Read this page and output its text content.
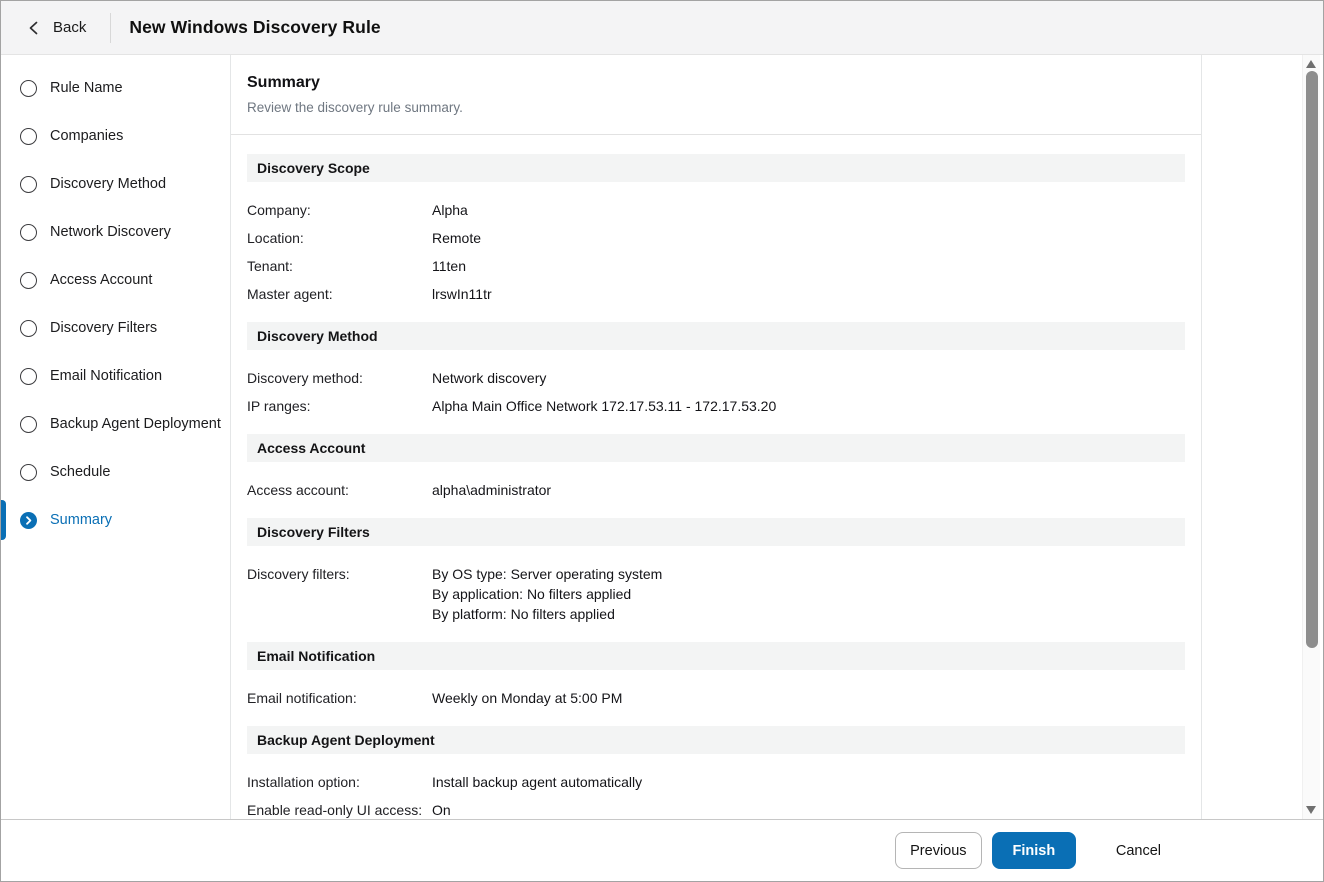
Back New Windows Discovery Rule
Rule Name
Companies
Discovery Method
Network Discovery
Access Account
Discovery Filters
Email Notification
Backup Agent Deployment
Schedule
Summary
Summary
Review the discovery rule summary.
Discovery Scope
Company:	Alpha
Location:	Remote
Tenant:	11ten
Master agent:	lrswIn11tr
Discovery Method
Discovery method:	Network discovery
IP ranges:	Alpha Main Office Network 172.17.53.11 - 172.17.53.20
Access Account
Access account:	alpha\administrator
Discovery Filters
Discovery filters:	By OS type: Server operating system
By application: No filters applied
By platform: No filters applied
Email Notification
Email notification:	Weekly on Monday at 5:00 PM
Backup Agent Deployment
Installation option:	Install backup agent automatically
Enable read-only UI access: On
Previous	Finish	Cancel
